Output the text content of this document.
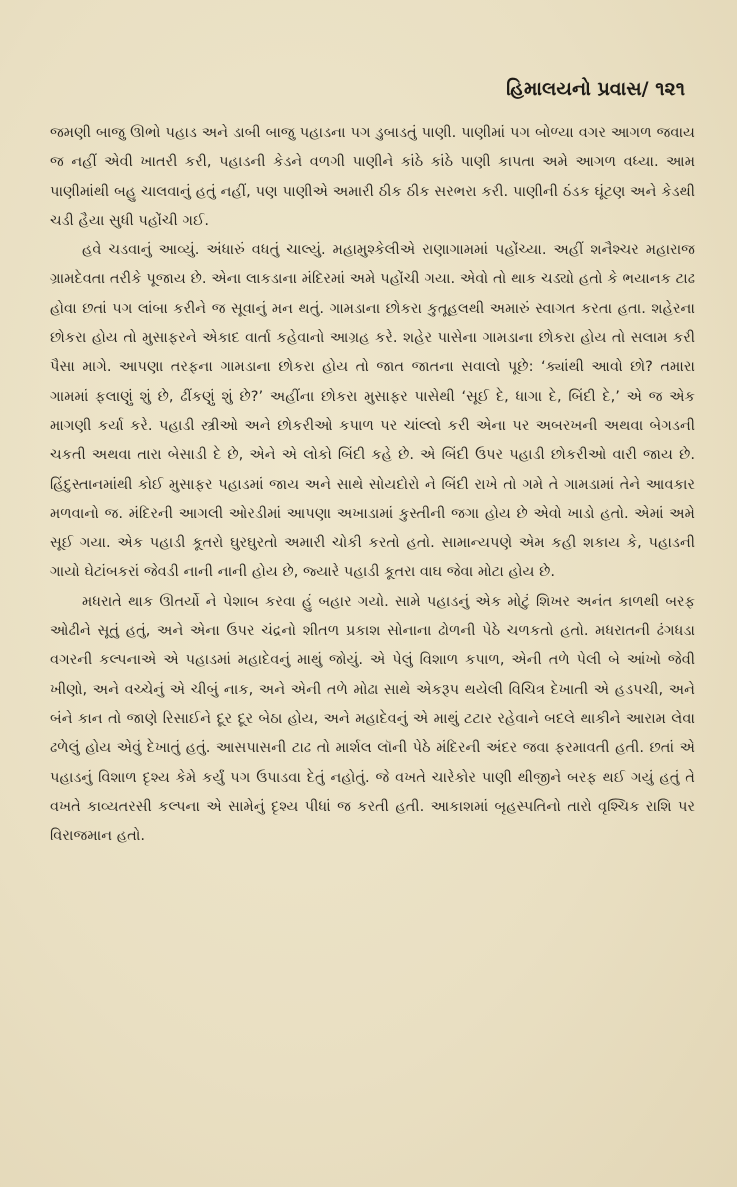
હિમાલયનો પ્રવાસ/ ૧૨૧

જમણી બાજુ ઊભો પહાડ અને ડાબી બાજુ પહાડના પગ ડુબાડતું પાણી. પાણીમાં પગ બોળ્યા વગર આગળ જવાય જ નહીં એવી ખાતરી કરી, પહાડની કેડને વળગી પાણીને કાંઠે કાંઠે પાણી કાપતા અમે આગળ વધ્યા. આમ પાણીમાંથી બહુ ચાલવાનું હતું નહીં, પણ પાણીએ અમારી ઠીક ઠીક સરભરા કરી. પાણીની ઠંડક ઘૂંટણ અને કેડથી ચડી હૈયા સુધી પહોંચી ગઈ.

હવે ચડવાનું આવ્યું. અંધારું વધતું ચાલ્યું. મહામુશ્કેલીએ રાણાગામમાં પહોંચ્યા. અહીં શનૈશ્ચર મહારાજ ગ્રામદેવતા તરીકે પૂજાય છે. એના લાકડાના મંદિરમાં અમે પહોંચી ગયા. એવો તો થાક ચડ્યો હતો કે ભયાનક ટાઢ હોવા છતાં પગ લાંબા કરીને જ સૂવાનું મન થતું. ગામડાના છોકરા કુતૂહલથી અમારું સ્વાગત કરતા હતા. શહેરના છોકરા હોય તો મુસાફરને એકાદ વાર્તા કહેવાનો આગ્રહ કરે. શહેર પાસેના ગામડાના છોકરા હોય તો સલામ કરી પૈસા માગે. આપણા તરફના ગામડાના છોકરા હોય તો જાત જાતના સવાલો પૂછે: ‘ક્યાંથી આવો છો? તમારા ગામમાં ફલાણું શું છે, ઢીંકણું શું છે?’ અહીંના છોકરા મુસાફર પાસેથી ‘સૂઈ દે, ધાગા દે, બિંદી દે,’ એ જ એક માગણી કર્યા કરે. પહાડી સ્ત્રીઓ અને છોકરીઓ કપાળ પર ચાંલ્લો કરી એના પર અબરખની અથવા બેગડની ચકતી અથવા તારા બેસાડી દે છે, એને એ લોકો બિંદી કહે છે. એ બિંદી ઉપર પહાડી છોકરીઓ વારી જાય છે. હિંદુસ્તાનમાંથી કોઈ મુસાફર પહાડમાં જાય અને સાથે સોયદોરો ને બિંદી રાખે તો ગમે તે ગામડામાં તેને આવકાર મળવાનો જ. મંદિરની આગલી ઓરડીમાં આપણા અખાડામાં કુસ્તીની જગા હોય છે એવો ખાડો હતો. એમાં અમે સૂઈ ગયા. એક પહાડી કૂતરો ઘુરઘુરતો અમારી ચોકી કરતો હતો. સામાન્યપણે એમ કહી શકાય કે, પહાડની ગાયો ઘેટાંબકરાં જેવડી નાની નાની હોય છે, જ્યારે પહાડી કૂતરા વાઘ જેવા મોટા હોય છે.

મધરાતે થાક ઊતર્યો ને પેશાબ કરવા હું બહાર ગયો. સામે પહાડનું એક મોટું શિખર અનંત કાળથી બરફ ઓઢીને સૂતું હતું, અને એના ઉપર ચંદ્રનો શીતળ પ્રકાશ સોનાના ઢોળની પેઠે ચળકતો હતો. મધરાતની ઢંગધડા વગરની કલ્પનાએ એ પહાડમાં મહાદેવનું માથું જોયું. એ પેલું વિશાળ કપાળ, એની તળે પેલી બે આંખો જેવી ખીણો, અને વચ્ચેનું એ ચીબું નાક, અને એની તળે મોઢા સાથે એકરૂપ થયેલી વિચિત્ર દેખાતી એ હડપચી, અને બંને કાન તો જાણે રિસાઈને દૂર દૂર બેઠા હોય, અને મહાદેવનું એ માથું ટટાર રહેવાને બદલે થાકીને આરામ લેવા ઢળેલું હોય એવું દેખાતું હતું. આસપાસની ટાઢ તો માર્શલ લૉની પેઠે મંદિરની અંદર જવા ફરમાવતી હતી. છતાં એ પહાડનું વિશાળ દૃશ્ય કેમે કર્યું પગ ઉપાડવા દેતું નહોતું. જે વખતે ચારેકોર પાણી થીજીને બરફ થઈ ગયું હતું તે વખતે કાવ્યતરસી કલ્પના એ સામેનું દૃશ્ય પીધાં જ કરતી હતી. આકાશમાં બૃહસ્પતિનો તારો વૃશ્ચિક રાશિ પર વિરાજમાન હતો.
